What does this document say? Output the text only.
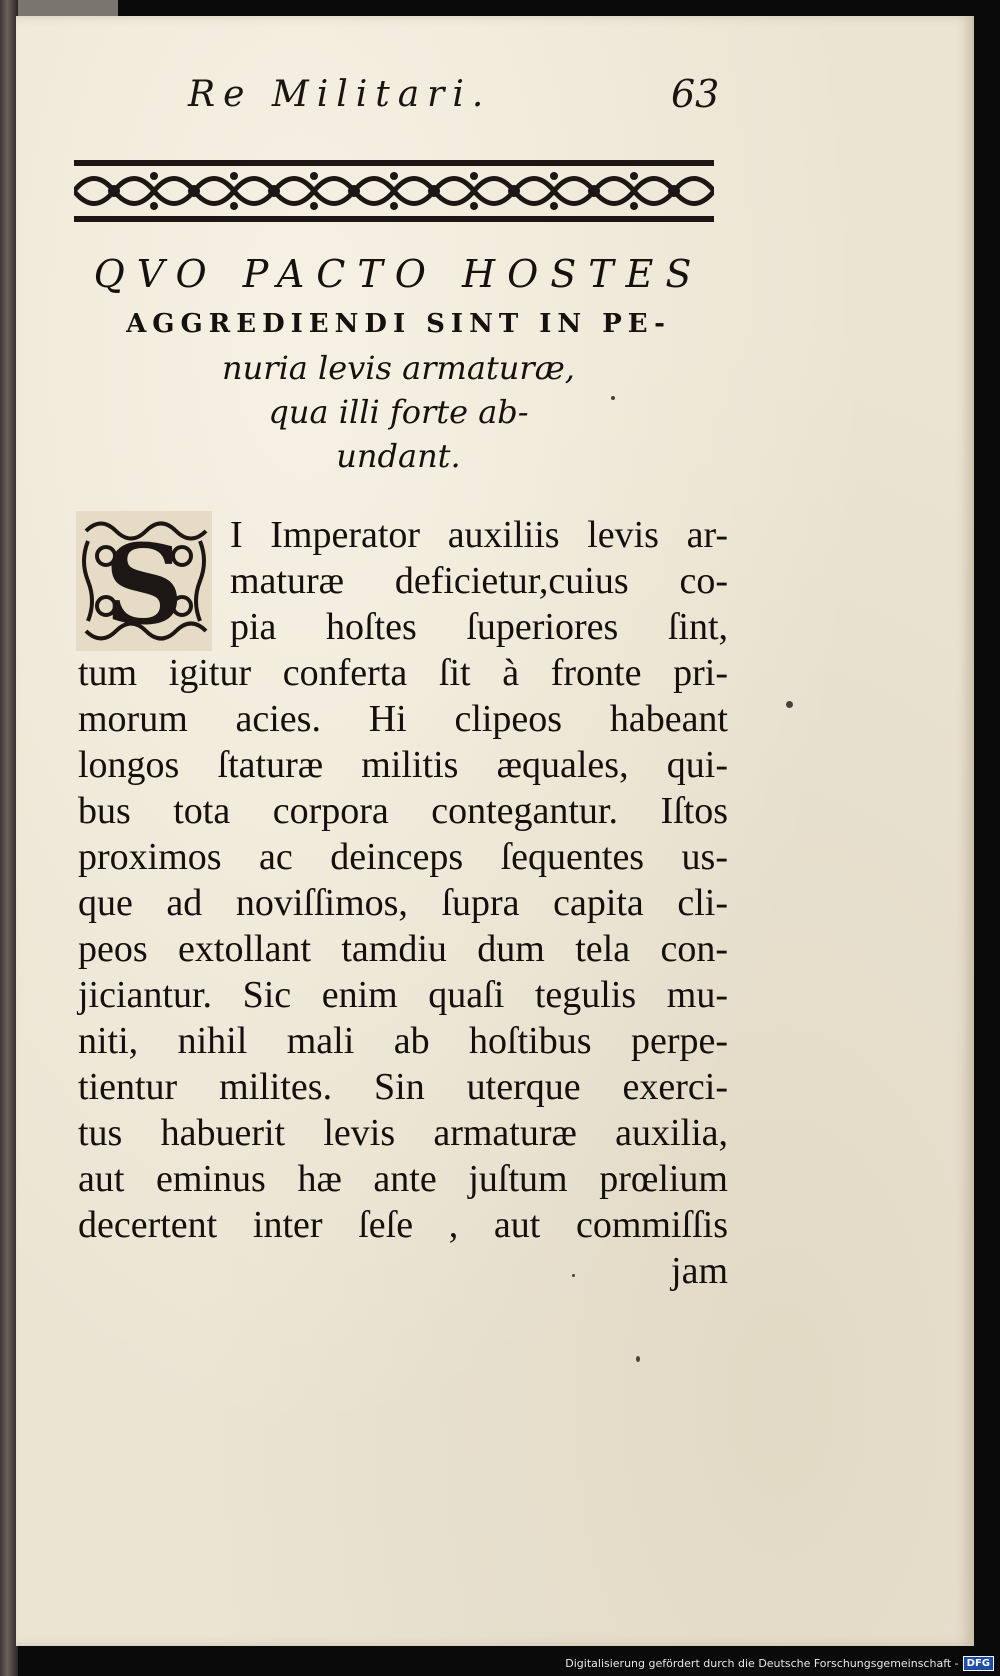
Re Militari.	63
QVO PACTO HOSTES
AGGREDIENDI SINT IN PE-
nuria levis armaturæ,
qua illi forte ab-
undant.
S	I Imperator auxiliis levis ar-
maturæ deficietur,cuius co-
pia hoſtes ſuperiores ſint,
tum igitur conferta ſit à fronte pri-
morum acies. Hi clipeos habeant
longos ſtaturæ militis æquales, qui-
bus tota corpora contegantur. Iſtos
proximos ac deinceps ſequentes us-
que ad noviſſimos, ſupra capita cli-
peos extollant tamdiu dum tela con-
jiciantur. Sic enim quaſi tegulis mu-
niti, nihil mali ab hoſtibus perpe-
tientur milites. Sin uterque exerci-
tus habuerit levis armaturæ auxilia,
aut eminus hæ ante juſtum prœlium
decertent inter ſeſe , aut commiſſis
jam
Digitalisierung gefördert durch die Deutsche Forschungsgemeinschaft - DFG
